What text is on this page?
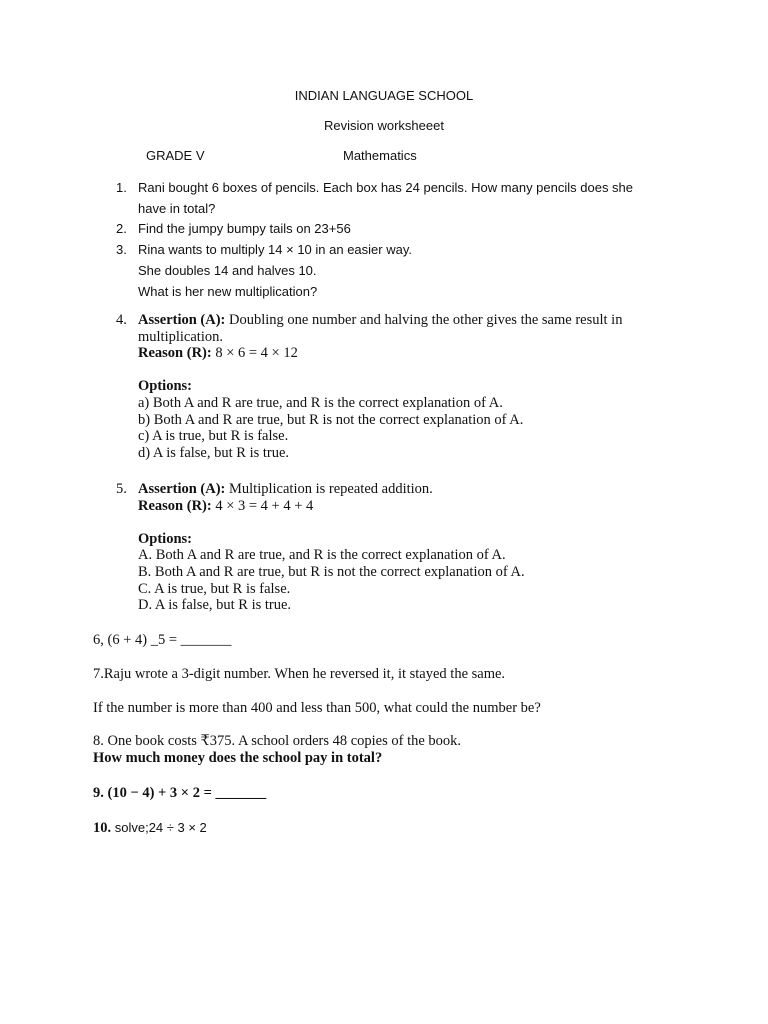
INDIAN LANGUAGE SCHOOL
Revision worksheeet
GRADE V	Mathematics
1. Rani bought 6 boxes of pencils. Each box has 24 pencils. How many pencils does she
have in total?
2. Find the jumpy bumpy tails on 23+56
3. Rina wants to multiply 14 × 10 in an easier way.
She doubles 14 and halves 10.
What is her new multiplication?
4. Assertion (A): Doubling one number and halving the other gives the same result in
multiplication.
Reason (R): 8 × 6 = 4 × 12

Options:
a) Both A and R are true, and R is the correct explanation of A.
b) Both A and R are true, but R is not the correct explanation of A.
c) A is true, but R is false.
d) A is false, but R is true.
5. Assertion (A): Multiplication is repeated addition.
Reason (R): 4 × 3 = 4 + 4 + 4

Options:
A. Both A and R are true, and R is the correct explanation of A.
B. Both A and R are true, but R is not the correct explanation of A.
C. A is true, but R is false.
D. A is false, but R is true.
6, (6 + 4) _5 = _______
7.Raju wrote a 3-digit number. When he reversed it, it stayed the same.
If the number is more than 400 and less than 500, what could the number be?
8. One book costs ₹375. A school orders 48 copies of the book.
How much money does the school pay in total?
9. (10 − 4) + 3 × 2 = _______
10. solve;24 ÷ 3 × 2
